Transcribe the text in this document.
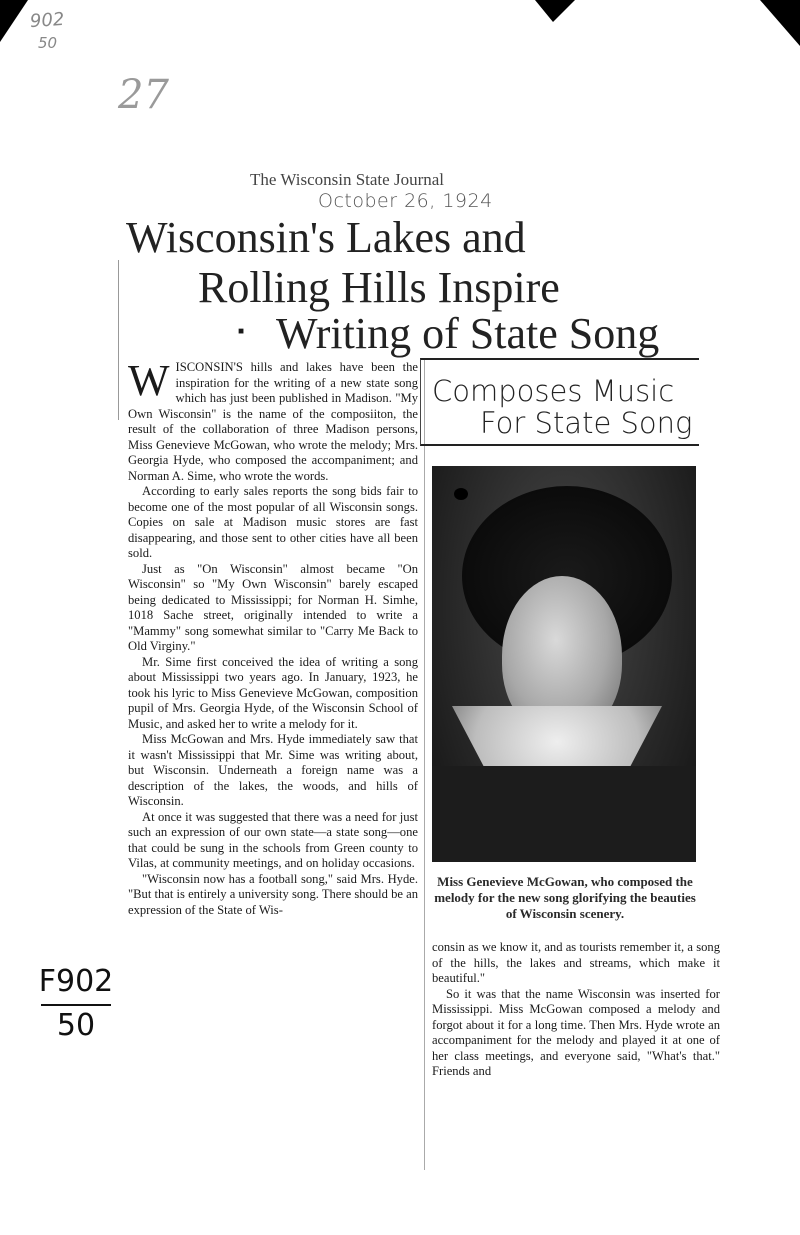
902
50
27
The Wisconsin State Journal
October 26, 1924
Wisconsin's Lakes and
Rolling Hills Inspire
■ Writing of State Song

WISCONSIN'S hills and lakes have been the inspiration for the writing of a new state song which has just been published in Madison. "My Own Wisconsin" is the name of the composiiton, the result of the collaboration of three Madison persons, Miss Genevieve McGowan, who wrote the melody; Mrs. Georgia Hyde, who composed the accompaniment; and Norman A. Sime, who wrote the words.

According to early sales reports the song bids fair to become one of the most popular of all Wisconsin songs. Copies on sale at Madison music stores are fast disappearing, and those sent to other cities have all been sold.

Just as "On Wisconsin" almost became "On Wisconsin" so "My Own Wisconsin" barely escaped being dedicated to Mississippi; for Norman H. Simhe, 1018 Sache street, originally intended to write a "Mammy" song somewhat similar to "Carry Me Back to Old Virginy."

Mr. Sime first conceived the idea of writing a song about Mississippi two years ago. In January, 1923, he took his lyric to Miss Genevieve McGowan, composition pupil of Mrs. Georgia Hyde, of the Wisconsin School of Music, and asked her to write a melody for it.

Miss McGowan and Mrs. Hyde immediately saw that it wasn't Mississippi that Mr. Sime was writing about, but Wisconsin. Underneath a foreign name was a description of the lakes, the woods, and hills of Wisconsin.

At once it was suggested that there was a need for just such an expression of our own state—a state song—one that could be sung in the schools from Green county to Vilas, at community meetings, and on holiday occasions.

"Wisconsin now has a football song," said Mrs. Hyde. "But that is entirely a university song. There should be an expression of the State of Wis-

Composes Music
For State Song
Miss Genevieve McGowan, who composed the melody for the new song glorifying the beauties of Wisconsin scenery.

consin as we know it, and as tourists remember it, a song of the hills, the lakes and streams, which make it beautiful."

So it was that the name Wisconsin was inserted for Mississippi. Miss McGowan composed a melody and forgot about it for a long time. Then Mrs. Hyde wrote an accompaniment for the melody and played it at one of her class meetings, and everyone said, "What's that." Friends and

F902
50
